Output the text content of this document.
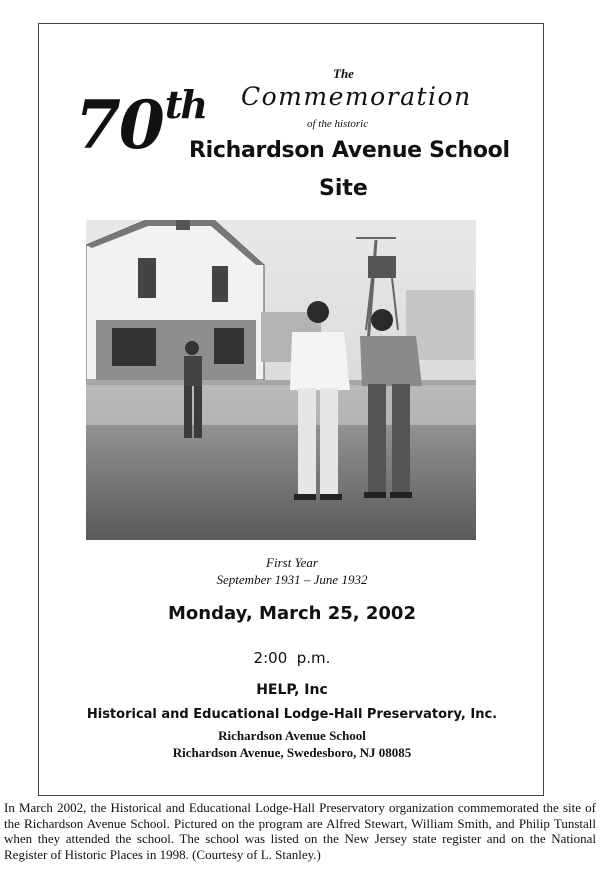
70th
The
Commemoration
of the historic
Richardson Avenue School
Site
First Year
September 1931 – June 1932
Monday, March 25, 2002
2:00  p.m.
HELP, Inc
Historical and Educational Lodge-Hall Preservatory, Inc.
Richardson Avenue School
Richardson Avenue, Swedesboro, NJ 08085

In March 2002, the Historical and Educational Lodge-Hall Preservatory organization commemorated the site of the Richardson Avenue School. Pictured on the program are Alfred Stewart, William Smith, and Philip Tunstall when they attended the school. The school was listed on the New Jersey state register and on the National Register of Historic Places in 1998. (Courtesy of L. Stanley.)
